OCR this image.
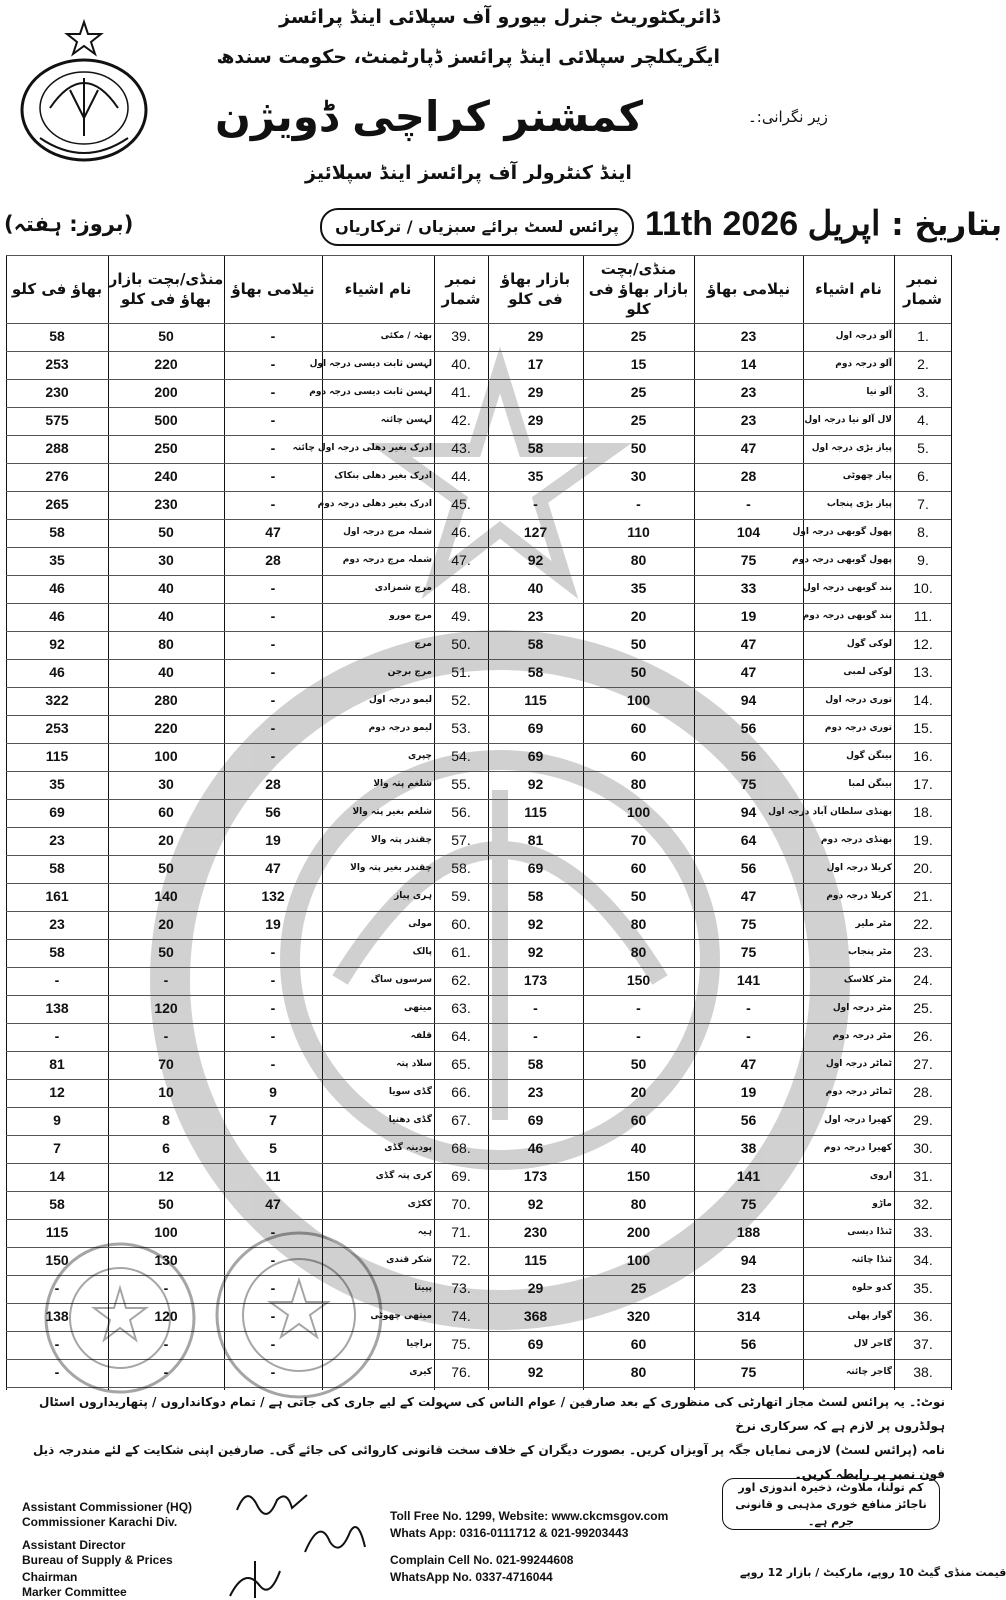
ڈائریکٹوریٹ جنرل بیورو آف سپلائی اینڈ پرائسز
ایگریکلچر سپلائی اینڈ پرائسز ڈپارٹمنٹ، حکومت سندھ
کمشنر کراچی ڈویژن	زیر نگرانی:۔
اینڈ کنٹرولر آف پرائسز اینڈ سپلائیز
(بروز: ہفتہ)	پرائس لسٹ برائے سبزیاں / ترکاریاں 11th اپریل 2026 : بتاریخ
نمبر شمار
نام اشیاء
نیلامی بھاؤ
منڈی/بچت بازار بھاؤ فی کلو
بازار بھاؤ فی کلو
نمبر شمار
نام اشیاء
نیلامی بھاؤ
منڈی/بچت بازار بھاؤ فی کلو
بھاؤ فی کلو
1.
آلو درجہ اول
23
25
29
2.
آلو درجہ دوم
14
15
17
3.
آلو نیا
23
25
29
4.
لال آلو نیا درجہ اول
23
25
29
5.
پیاز بڑی درجہ اول
47
50
58
6.
پیاز چھوٹی
28
30
35
7.
پیاز بڑی پنجاب
-
-
-
8.
پھول گوبھی درجہ اول
104
110
127
9.
پھول گوبھی درجہ دوم
75
80
92
10.
بند گوبھی درجہ اول
33
35
40
11.
بند گوبھی درجہ دوم
19
20
23
12.
لوکی گول
47
50
58
13.
لوکی لمبی
47
50
58
14.
توری درجہ اول
94
100
115
15.
توری درجہ دوم
56
60
69
16.
بینگن گول
56
60
69
17.
بینگن لمبا
75
80
92
18.
بھنڈی سلطان آباد درجہ اول
94
100
115
19.
بھنڈی درجہ دوم
64
70
81
20.
کریلا درجہ اول
56
60
69
21.
کریلا درجہ دوم
47
50
58
22.
مٹر ملیر
75
80
92
23.
مٹر پنجاب
75
80
92
24.
مٹر کلاسک
141
150
173
25.
مٹر درجہ اول
-
-
-
26.
مٹر درجہ دوم
-
-
-
27.
ٹماٹر درجہ اول
47
50
58
28.
ٹماٹر درجہ دوم
19
20
23
29.
کھیرا درجہ اول
56
60
69
30.
کھیرا درجہ دوم
38
40
46
31.
اروی
141
150
173
32.
ماڑو
75
80
92
33.
ٹنڈا دیسی
188
200
230
34.
ٹنڈا چائنہ
94
100
115
35.
کدو حلوہ
23
25
29
36.
گوار پھلی
314
320
368
37.
گاجر لال
56
60
69
38.
گاجر چائنہ
75
80
92
39.
بھٹہ / مکئی
-
50
58
40.
لہسن ثابت دیسی درجہ اول
-
220
253
41.
لہسن ثابت دیسی درجہ دوم
-
200
230
42.
لہسن چائنہ
-
500
575
43.
ادرک بغیر دھلی درجہ اول چائنہ
-
250
288
44.
ادرک بغیر دھلی بنکاک
-
240
276
45.
ادرک بغیر دھلی درجہ دوم
-
230
265
46.
شملہ مرچ درجہ اول
47
50
58
47.
شملہ مرچ درجہ دوم
28
30
35
48.
مرچ شمزادی
-
40
46
49.
مرچ مورو
-
40
46
50.
مرچ
-
80
92
51.
مرچ برجن
-
40
46
52.
لیمو درجہ اول
-
280
322
53.
لیمو درجہ دوم
-
220
253
54.
چپری
-
100
115
55.
شلغم پتہ والا
28
30
35
56.
شلغم بغیر پتہ والا
56
60
69
57.
چقندر پتہ والا
19
20
23
58.
چقندر بغیر پتہ والا
47
50
58
59.
ہری پیاز
132
140
161
60.
مولی
19
20
23
61.
پالک
-
50
58
62.
سرسوں ساگ
-
-
-
63.
میتھی
-
120
138
64.
قلفہ
-
-
-
65.
سلاد پتہ
-
70
81
66.
گڈی سویا
9
10
12
67.
گڈی دھنیا
7
8
9
68.
پودینہ گڈی
5
6
7
69.
کری پتہ گڈی
11
12
14
70.
ککڑی
47
50
58
71.
ہیہ
-
100
115
72.
شکر قندی
-
130
150
73.
پپیتا
-
-
-
74.
میتھی چھوٹی
-
120
138
75.
براچیا
-
-
-
76.
کیری
-
-
-
نوٹ:۔ یہ پرائس لسٹ مجاز اتھارٹی کی منظوری کے بعد صارفین / عوام الناس کی سہولت کے لیے جاری کی جاتی ہے / تمام دوکانداروں / پتھاریداروں اسٹال ہولڈروں پر لازم ہے کہ سرکاری نرخ
نامہ (پرائس لسٹ) لازمی نمایاں جگہ پر آویزاں کریں۔ بصورت دیگران کے خلاف سخت قانونی کاروائی کی جائے گی۔ صارفین اپنی شکایت کے لئے مندرجہ ذیل فون نمبر پر رابطہ کریں۔
Assistant Commissioner (HQ)
Commissioner Karachi Div.
Assistant Director
Bureau of Supply & Prices
Chairman
Marker Committee
Toll Free No. 1299, Website: www.ckcmsgov.com
Whats App: 0316-0111712 & 021-99203443
Complain Cell No. 021-99244608
WhatsApp No. 0337-4716044
کم تولنا، ملاوٹ، ذخیرہ اندوزی اور ناجائز منافع خوری مذہبی و قانونی جرم ہے۔
قیمت منڈی گیٹ 10 روپے، مارکیٹ / بازار 12 روپے
